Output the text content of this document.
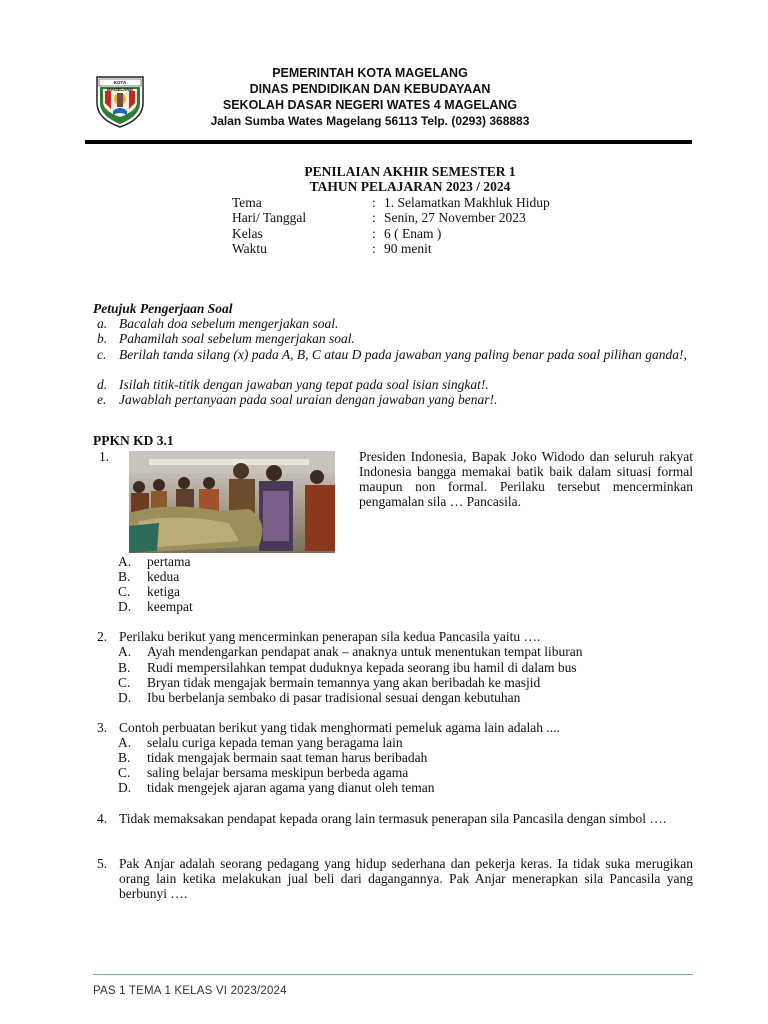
KOTA MAGELANG
PEMERINTAH KOTA MAGELANG
DINAS PENDIDIKAN DAN KEBUDAYAAN
SEKOLAH DASAR NEGERI WATES 4 MAGELANG
Jalan Sumba Wates Magelang 56113 Telp. (0293) 368883
PENILAIAN AKHIR SEMESTER 1
TAHUN PELAJARAN 2023 / 2024
Tema	: 1. Selamatkan Makhluk Hidup
Hari/ Tanggal	: Senin, 27 November 2023
Kelas	: 6 ( Enam )
Waktu	: 90 menit
Petujuk Pengerjaan Soal
a. Bacalah doa sebelum mengerjakan soal.
b. Pahamilah soal sebelum mengerjakan soal.
c. Berilah tanda silang (x) pada A, B, C atau D pada jawaban yang paling benar pada soal pilihan ganda!,
d. Isilah titik-titik dengan jawaban yang tepat pada soal isian singkat!.
e. Jawablah pertanyaan pada soal uraian dengan jawaban yang benar!.
PPKN KD 3.1
1.	Presiden Indonesia, Bapak Joko Widodo dan seluruh rakyat Indonesia bangga memakai batik baik dalam situasi formal maupun non formal. Perilaku tersebut mencerminkan pengamalan sila … Pancasila.
A. pertama
B. kedua
C. ketiga
D. keempat
2. Perilaku berikut yang mencerminkan penerapan sila kedua Pancasila yaitu ….
A. Ayah mendengarkan pendapat anak – anaknya untuk menentukan tempat liburan
B. Rudi mempersilahkan tempat duduknya kepada seorang ibu hamil di dalam bus
C. Bryan tidak mengajak bermain temannya yang akan beribadah ke masjid
D. Ibu berbelanja sembako di pasar tradisional sesuai dengan kebutuhan
3. Contoh perbuatan berikut yang tidak menghormati pemeluk agama lain adalah ....
A. selalu curiga kepada teman yang beragama lain
B. tidak mengajak bermain saat teman harus beribadah
C. saling belajar bersama meskipun berbeda agama
D. tidak mengejek ajaran agama yang dianut oleh teman
4. Tidak memaksakan pendapat kepada orang lain termasuk penerapan sila Pancasila dengan simbol ….
5. Pak Anjar adalah seorang pedagang yang hidup sederhana dan pekerja keras. Ia tidak suka merugikan orang lain ketika melakukan jual beli dari dagangannya. Pak Anjar menerapkan sila Pancasila yang berbunyi ….
PAS 1 TEMA 1 KELAS VI 2023/2024
